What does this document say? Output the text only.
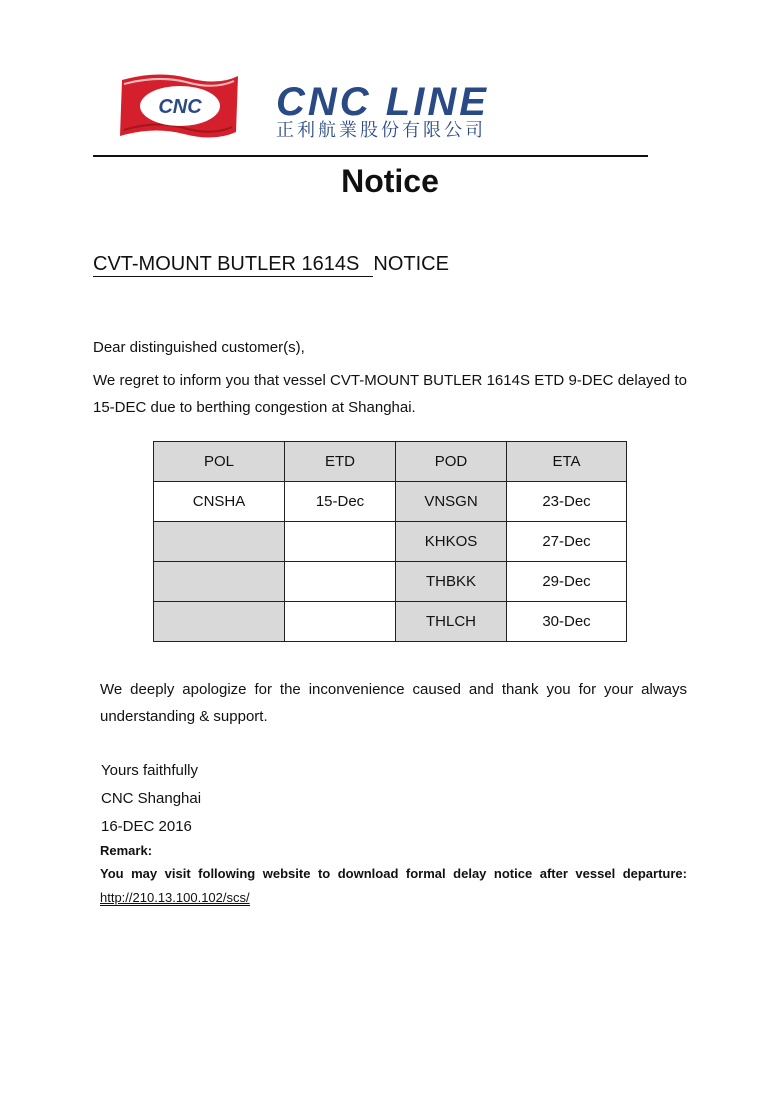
CNC CNC LINE
正利航業股份有限公司
Notice
CVT-MOUNT BUTLER 1614S NOTICE
Dear distinguished customer(s),
We regret to inform you that vessel CVT-MOUNT BUTLER 1614S ETD 9-DEC delayed to 15-DEC due to berthing congestion at Shanghai.
POL	ETD	POD	ETA
CNSHA	15-Dec	VNSGN	23-Dec
		KHKOS	27-Dec
		THBKK	29-Dec
		THLCH	30-Dec
We deeply apologize for the inconvenience caused and thank you for your always understanding & support.
Yours faithfully
CNC Shanghai
16-DEC 2016
Remark:
You may visit following website to download formal delay notice after vessel departure:
http://210.13.100.102/scs/
